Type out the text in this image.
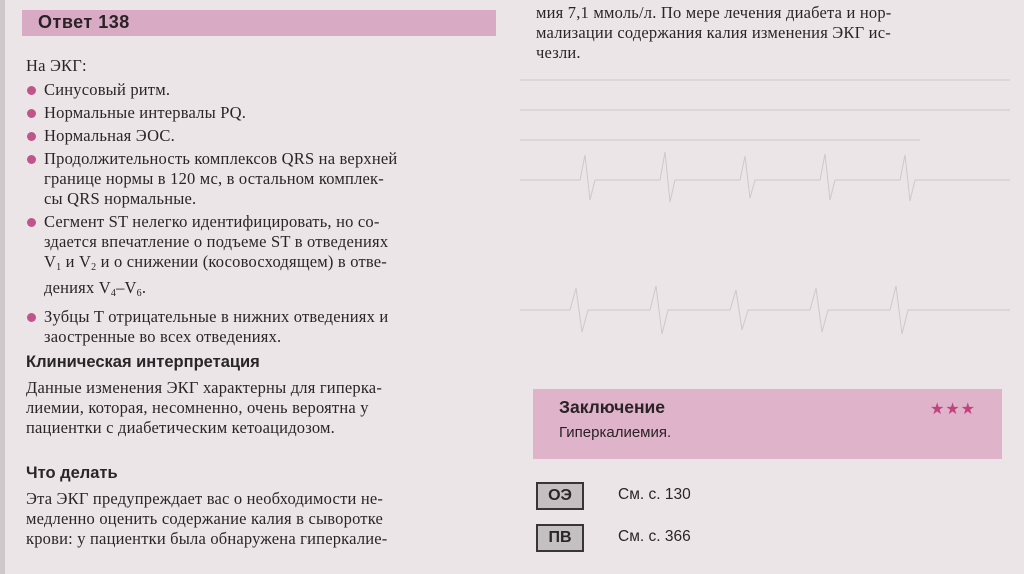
Ответ 138
На ЭКГ:
Синусовый ритм.
Нормальные интервалы PQ.
Нормальная ЭОС.
Продолжительность комплексов QRS на верхней
границе нормы в 120 мс, в остальном комплек-
сы QRS нормальные.
Сегмент ST нелегко идентифицировать, но со-
здается впечатление о подъеме ST в отведениях
$V_1$ и $V_2$ и о снижении (косовосходящем) в отве-
дениях $V_4-V_6$.
Зубцы T отрицательные в нижних отведениях и
заостренные во всех отведениях.
Клиническая интерпретация
Данные изменения ЭКГ характерны для гиперка-
лиемии, которая, несомненно, очень вероятна у
пациентки с диабетическим кетоацидозом.
Что делать
Эта ЭКГ предупреждает вас о необходимости не-
медленно оценить содержание калия в сыворотке
крови: у пациентки была обнаружена гиперкалие-
мия 7,1 ммоль/л. По мере лечения диабета и нор-
мализации содержания калия изменения ЭКГ ис-
чезли.
Заключение	★★★
Гиперкалиемия.
ОЭ	См. с. 130
ПВ	См. с. 366
